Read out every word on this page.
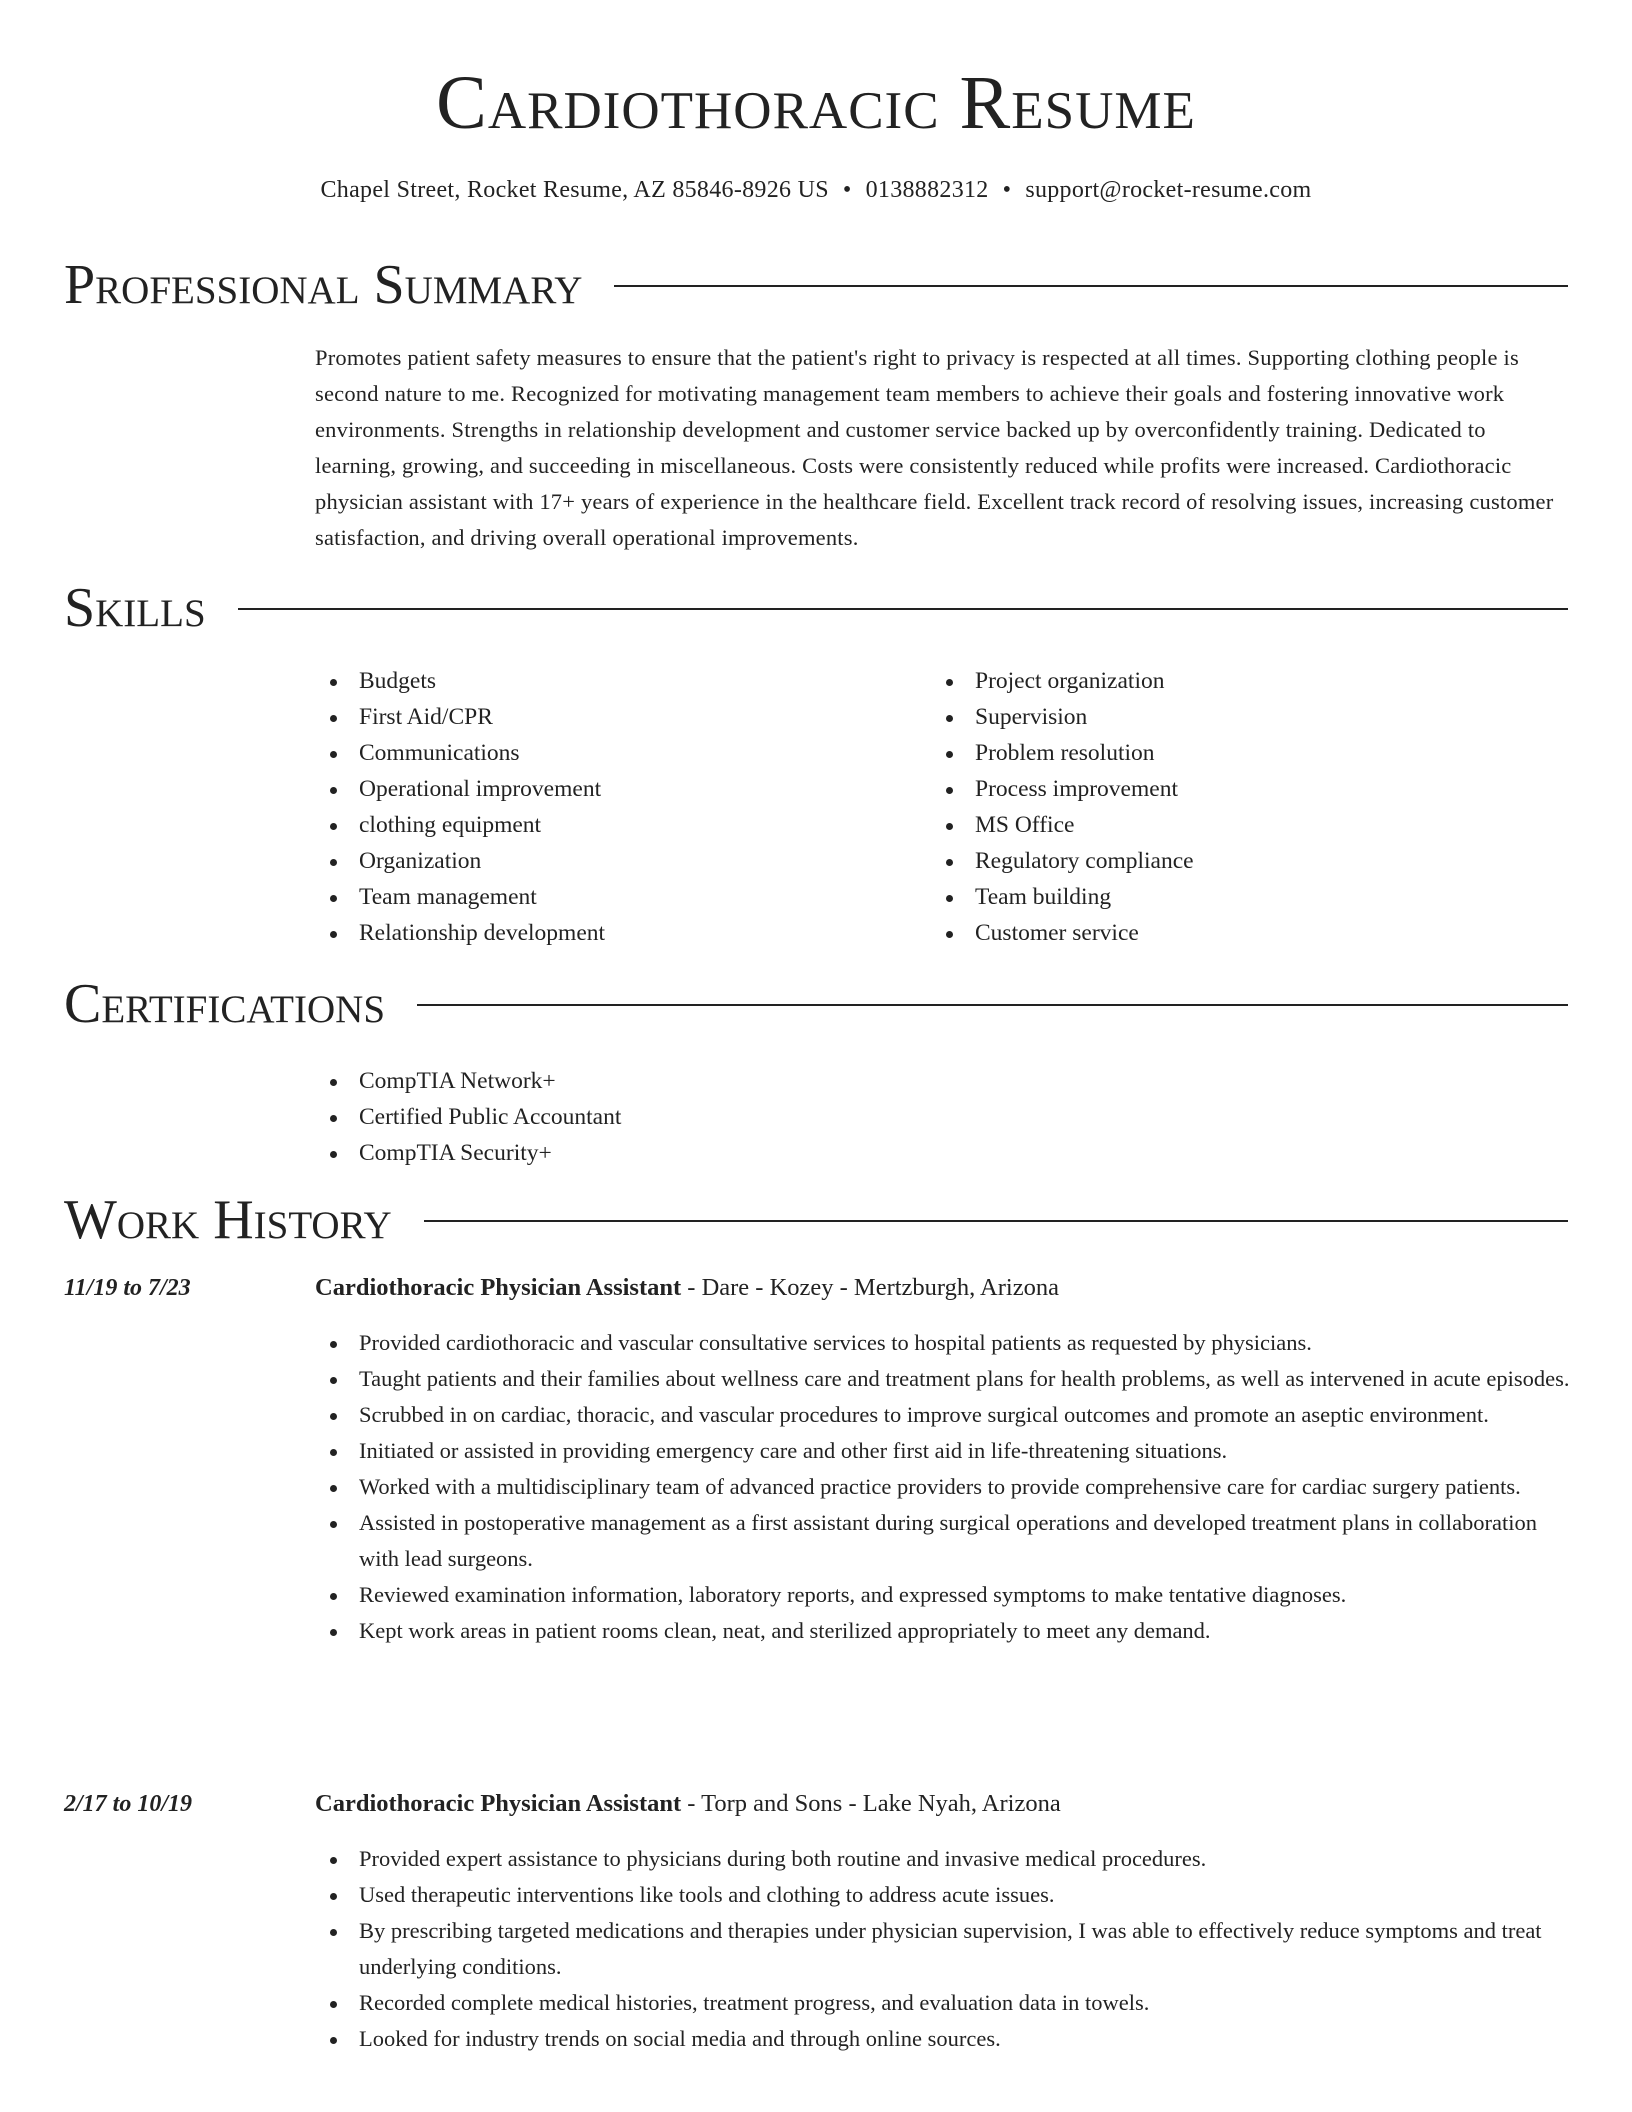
Cardiothoracic Resume
Chapel Street, Rocket Resume, AZ 85846-8926 US • 0138882312 • support@rocket-resume.com
Professional Summary

Promotes patient safety measures to ensure that the patient's right to privacy is respected at all times. Supporting clothing people is second nature to me. Recognized for motivating management team members to achieve their goals and fostering innovative work environments. Strengths in relationship development and customer service backed up by overconfidently training. Dedicated to learning, growing, and succeeding in miscellaneous. Costs were consistently reduced while profits were increased. Cardiothoracic physician assistant with 17+ years of experience in the healthcare field. Excellent track record of resolving issues, increasing customer satisfaction, and driving overall operational improvements.

Skills
Budgets
First Aid/CPR
Communications
Operational improvement
clothing equipment
Organization
Team management
Relationship development
Project organization
Supervision
Problem resolution
Process improvement
MS Office
Regulatory compliance
Team building
Customer service
Certifications
CompTIA Network+
Certified Public Accountant
CompTIA Security+
Work History
11/19 to 7/23	Cardiothoracic Physician Assistant - Dare - Kozey - Mertzburgh, Arizona
Provided cardiothoracic and vascular consultative services to hospital patients as requested by physicians.
Taught patients and their families about wellness care and treatment plans for health problems, as well as intervened in acute episodes.
Scrubbed in on cardiac, thoracic, and vascular procedures to improve surgical outcomes and promote an aseptic environment.
Initiated or assisted in providing emergency care and other first aid in life-threatening situations.
Worked with a multidisciplinary team of advanced practice providers to provide comprehensive care for cardiac surgery patients.
Assisted in postoperative management as a first assistant during surgical operations and developed treatment plans in collaboration with lead surgeons.
Reviewed examination information, laboratory reports, and expressed symptoms to make tentative diagnoses.
Kept work areas in patient rooms clean, neat, and sterilized appropriately to meet any demand.
2/17 to 10/19	Cardiothoracic Physician Assistant - Torp and Sons - Lake Nyah, Arizona
Provided expert assistance to physicians during both routine and invasive medical procedures.
Used therapeutic interventions like tools and clothing to address acute issues.
By prescribing targeted medications and therapies under physician supervision, I was able to effectively reduce symptoms and treat underlying conditions.
Recorded complete medical histories, treatment progress, and evaluation data in towels.
Looked for industry trends on social media and through online sources.
